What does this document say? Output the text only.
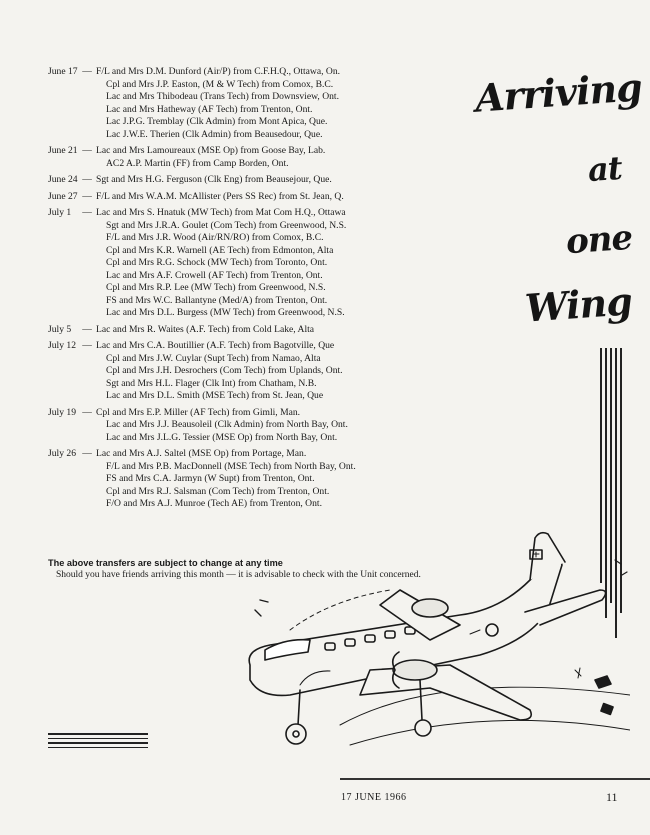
June 17 — F/L and Mrs D.M. Dunford (Air/P) from C.F.H.Q., Ottawa, On.
Cpl and Mrs J.P. Easton, (M & W Tech) from Comox, B.C.
Lac and Mrs Thibodeau (Trans Tech) from Downsview, Ont.
Lac and Mrs Hatheway (AF Tech) from Trenton, Ont.
Lac J.P.G. Tremblay (Clk Admin) from Mont Apica, Que.
Lac J.W.E. Therien (Clk Admin) from Beausedour, Que.
June 21 — Lac and Mrs Lamoureaux (MSE Op) from Goose Bay, Lab.
AC2 A.P. Martin (FF) from Camp Borden, Ont.
June 24 — Sgt and Mrs H.G. Ferguson (Clk Eng) from Beausejour, Que.
June 27 — F/L and Mrs W.A.M. McAllister (Pers SS Rec) from St. Jean, Q.
July 1	— Lac and Mrs S. Hnatuk (MW Tech) from Mat Com H.Q., Ottawa
Sgt and Mrs J.R.A. Goulet (Com Tech) from Greenwood, N.S.
F/L and Mrs J.R. Wood (Air/RN/RO) from Comox, B.C.
Cpl and Mrs K.R. Warnell (AE Tech) from Edmonton, Alta
Cpl and Mrs R.G. Schock (MW Tech) from Toronto, Ont.
Lac and Mrs A.F. Crowell (AF Tech) from Trenton, Ont.
Cpl and Mrs R.P. Lee (MW Tech) from Greenwood, N.S.
FS and Mrs W.C. Ballantyne (Med/A) from Trenton, Ont.
Lac and Mrs D.L. Burgess (MW Tech) from Greenwood, N.S.
July 5	— Lac and Mrs R. Waites (A.F. Tech) from Cold Lake, Alta
July 12 — Lac and Mrs C.A. Boutillier (A.F. Tech) from Bagotville, Que
Cpl and Mrs J.W. Cuylar (Supt Tech) from Namao, Alta
Cpl and Mrs J.H. Desrochers (Com Tech) from Uplands, Ont.
Sgt and Mrs H.L. Flager (Clk Int) from Chatham, N.B.
Lac and Mrs D.L. Smith (MSE Tech) from St. Jean, Que
July 19 — Cpl and Mrs E.P. Miller (AF Tech) from Gimli, Man.
Lac and Mrs J.J. Beausoleil (Clk Admin) from North Bay, Ont.
Lac and Mrs J.L.G. Tessier (MSE Op) from North Bay, Ont.
July 26 — Lac and Mrs A.J. Saltel (MSE Op) from Portage, Man.
F/L and Mrs P.B. MacDonnell (MSE Tech) from North Bay, Ont.
FS and Mrs C.A. Jarmyn (W Supt) from Trenton, Ont.
Cpl and Mrs R.J. Salsman (Com Tech) from Trenton, Ont.
F/O and Mrs A.J. Munroe (Tech AE) from Trenton, Ont.
The above transfers are subject to change at any time
Should you have friends arriving this month — it is advisable to check with the Unit concerned.
Arriving
at
one
Wing
17 JUNE 1966	11
